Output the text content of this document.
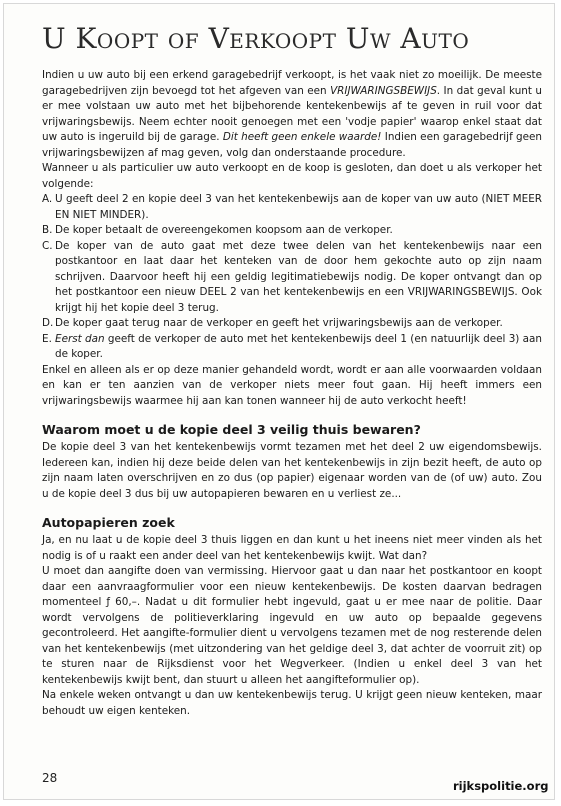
U Koopt of Verkoopt Uw Auto

Indien u uw auto bij een erkend garagebedrijf verkoopt, is het vaak niet zo moeilijk. De meeste garagebedrijven zijn bevoegd tot het afgeven van een VRIJWARINGSBEWIJS. In dat geval kunt u er mee volstaan uw auto met het bijbehorende kentekenbewijs af te geven in ruil voor dat vrijwaringsbewijs. Neem echter nooit genoegen met een 'vodje papier' waarop enkel staat dat uw auto is ingeruild bij de garage. Dit heeft geen enkele waarde! Indien een garagebedrijf geen vrijwaringsbewijzen af mag geven, volg dan onderstaande procedure.

Wanneer u als particulier uw auto verkoopt en de koop is gesloten, dan doet u als verkoper het volgende:

A. U geeft deel 2 en kopie deel 3 van het kentekenbewijs aan de koper van uw auto (NIET MEER EN NIET MINDER).
B. De koper betaalt de overeengekomen koopsom aan de verkoper.
C. De koper van de auto gaat met deze twee delen van het kentekenbewijs naar een postkantoor en laat daar het kenteken van de door hem gekochte auto op zijn naam schrijven. Daarvoor heeft hij een geldig legitimatiebewijs nodig. De koper ontvangt dan op het postkantoor een nieuw DEEL 2 van het kentekenbewijs en een VRIJWARINGSBEWIJS. Ook krijgt hij het kopie deel 3 terug.
D. De koper gaat terug naar de verkoper en geeft het vrijwaringsbewijs aan de verkoper.
E. Eerst dan geeft de verkoper de auto met het kentekenbewijs deel 1 (en natuurlijk deel 3) aan de koper.

Enkel en alleen als er op deze manier gehandeld wordt, wordt er aan alle voorwaarden voldaan en kan er ten aanzien van de verkoper niets meer fout gaan. Hij heeft immers een vrijwaringsbewijs waarmee hij aan kan tonen wanneer hij de auto verkocht heeft!

Waarom moet u de kopie deel 3 veilig thuis bewaren?

De kopie deel 3 van het kentekenbewijs vormt tezamen met het deel 2 uw eigendomsbewijs. Iedereen kan, indien hij deze beide delen van het kentekenbewijs in zijn bezit heeft, de auto op zijn naam laten overschrijven en zo dus (op papier) eigenaar worden van de (of uw) auto. Zou u de kopie deel 3 dus bij uw autopapieren bewaren en u verliest ze...

Autopapieren zoek

Ja, en nu laat u de kopie deel 3 thuis liggen en dan kunt u het ineens niet meer vinden als het nodig is of u raakt een ander deel van het kentekenbewijs kwijt. Wat dan?

U moet dan aangifte doen van vermissing. Hiervoor gaat u dan naar het postkantoor en koopt daar een aanvraagformulier voor een nieuw kentekenbewijs. De kosten daarvan bedragen momenteel ƒ 60,–. Nadat u dit formulier hebt ingevuld, gaat u er mee naar de politie. Daar wordt vervolgens de politieverklaring ingevuld en uw auto op bepaalde gegevens gecontroleerd. Het aangifte-formulier dient u vervolgens tezamen met de nog resterende delen van het kentekenbewijs (met uitzondering van het geldige deel 3, dat achter de voorruit zit) op te sturen naar de Rijksdienst voor het Wegverkeer. (Indien u enkel deel 3 van het kentekenbewijs kwijt bent, dan stuurt u alleen het aangifteformulier op).

Na enkele weken ontvangt u dan uw kentekenbewijs terug. U krijgt geen nieuw kenteken, maar behoudt uw eigen kenteken.

28
rijkspolitie.org
